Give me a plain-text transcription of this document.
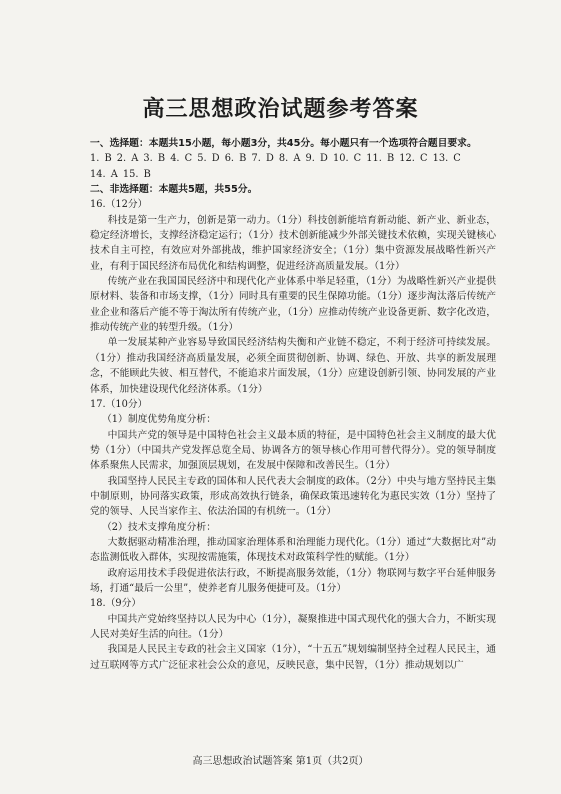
高三思想政治试题参考答案
一、选择题：本题共15小题，每小题3分，共45分。每小题只有一个选项符合题目要求。
1. B 2. A 3. B 4. C 5. D 6. B 7. D 8. A 9. D 10. C 11. B 12. C 13. C
14. A 15. B
二、非选择题：本题共5题，共55分。
16.（12分）
科技是第一生产力，创新是第一动力。（1分）科技创新能培育新动能、新产业、新业态，稳定经济增长，支撑经济稳定运行；（1分）技术创新能减少外部关键技术依赖，实现关键核心技术自主可控，有效应对外部挑战，维护国家经济安全；（1分）集中资源发展战略性新兴产业，有利于国民经济布局优化和结构调整，促进经济高质量发展。（1分）
传统产业在我国国民经济中和现代化产业体系中举足轻重，（1分）为战略性新兴产业提供原材料、装备和市场支撑，（1分）同时具有重要的民生保障功能。（1分）逐步淘汰落后传统产业企业和落后产能不等于淘汰所有传统产业，（1分）应推动传统产业设备更新、数字化改造，推动传统产业的转型升级。（1分）
单一发展某种产业容易导致国民经济结构失衡和产业链不稳定，不利于经济可持续发展。（1分）推动我国经济高质量发展，必须全面贯彻创新、协调、绿色、开放、共享的新发展理念，不能顾此失彼、相互替代，不能追求片面发展，（1分）应建设创新引领、协同发展的产业体系，加快建设现代化经济体系。（1分）
17.（10分）
（1）制度优势角度分析：
中国共产党的领导是中国特色社会主义最本质的特征，是中国特色社会主义制度的最大优势（1分）（中国共产党发挥总览全局、协调各方的领导核心作用可替代得分）。党的领导制度体系聚焦人民需求，加强顶层规划，在发展中保障和改善民生。（1分）
我国坚持人民民主专政的国体和人民代表大会制度的政体。（2分）中央与地方坚持民主集中制原则，协同落实政策，形成高效执行链条，确保政策迅速转化为惠民实效（1分）坚持了党的领导、人民当家作主、依法治国的有机统一。（1分）
（2）技术支撑角度分析：
大数据驱动精准治理，推动国家治理体系和治理能力现代化。（1分）通过“大数据比对”动态监测低收入群体，实现按需施策，体现技术对政策科学性的赋能。（1分）
政府运用技术手段促进依法行政，不断提高服务效能，（1分）物联网与数字平台延伸服务场，打通“最后一公里”，使养老育儿服务便捷可及。（1分）
18.（9分）
中国共产党始终坚持以人民为中心（1分），凝聚推进中国式现代化的强大合力，不断实现人民对美好生活的向往。（1分）
我国是人民民主专政的社会主义国家（1分），“十五五”规划编制坚持全过程人民民主，通过互联网等方式广泛征求社会公众的意见，反映民意，集中民智，（1分）推动规划以广
高三思想政治试题答案 第1页（共2页）
